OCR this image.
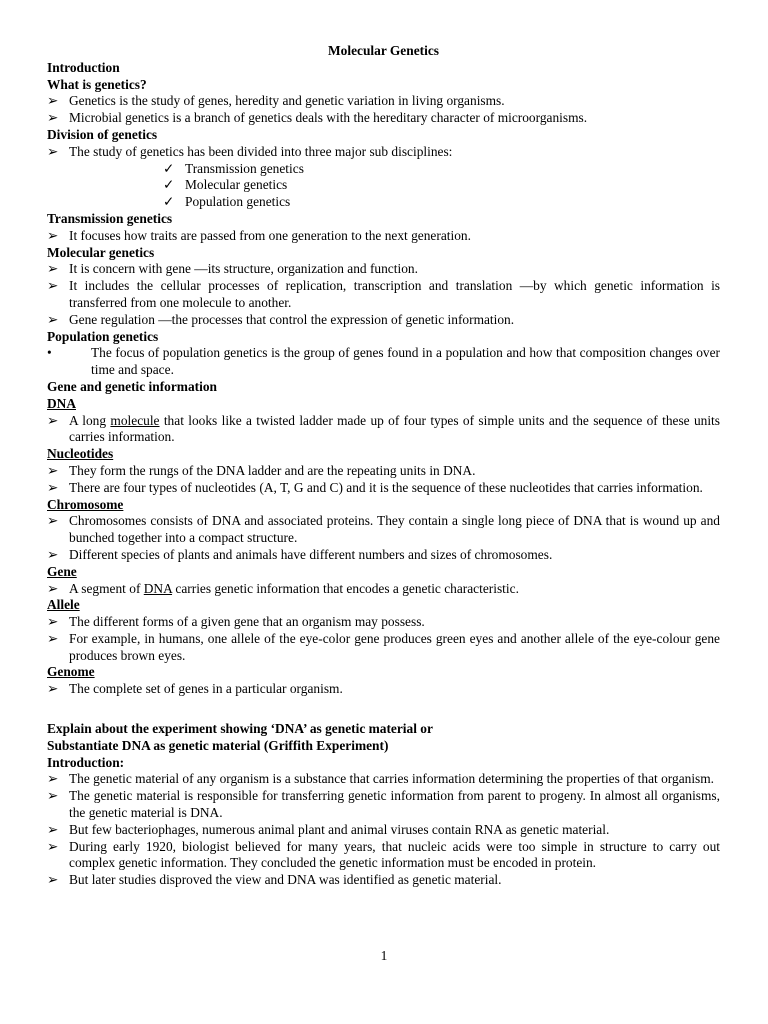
Molecular Genetics
Introduction
What is genetics?
➢ Genetics is the study of genes, heredity and genetic variation in living organisms.
➢ Microbial genetics is a branch of genetics deals with the hereditary character of microorganisms.
Division of genetics
➢ The study of genetics has been divided into three major sub disciplines:
✓ Transmission genetics
✓ Molecular genetics
✓ Population genetics
Transmission genetics
➢ It focuses how traits are passed from one generation to the next generation.
Molecular genetics
➢ It is concern with gene —its structure, organization and function.
➢ It includes the cellular processes of replication, transcription and translation —by which genetic information is transferred from one molecule to another.
➢ Gene regulation —the processes that control the expression of genetic information.
Population genetics
•	The focus of population genetics is the group of genes found in a population and how that composition changes over time and space.
Gene and genetic information
DNA
➢ A long molecule that looks like a twisted ladder made up of four types of simple units and the sequence of these units carries information.
Nucleotides
➢ They form the rungs of the DNA ladder and are the repeating units in DNA.
➢ There are four types of nucleotides (A, T, G and C) and it is the sequence of these nucleotides that carries information.
Chromosome
➢ Chromosomes consists of DNA and associated proteins. They contain a single long piece of DNA that is wound up and bunched together into a compact structure.
➢ Different species of plants and animals have different numbers and sizes of chromosomes.
Gene
➢ A segment of DNA carries genetic information that encodes a genetic characteristic.
Allele
➢ The different forms of a given gene that an organism may possess.
➢ For example, in humans, one allele of the eye-color gene produces green eyes and another allele of the eye-colour gene produces brown eyes.
Genome
➢ The complete set of genes in a particular organism.
Explain about the experiment showing ‘DNA’ as genetic material or
Substantiate DNA as genetic material (Griffith Experiment)
Introduction:
➢ The genetic material of any organism is a substance that carries information determining the properties of that organism.
➢ The genetic material is responsible for transferring genetic information from parent to progeny. In almost all organisms, the genetic material is DNA.
➢ But few bacteriophages, numerous animal plant and animal viruses contain RNA as genetic material.
➢ During early 1920, biologist believed for many years, that nucleic acids were too simple in structure to carry out complex genetic information. They concluded the genetic information must be encoded in protein.
➢ But later studies disproved the view and DNA was identified as genetic material.
1
